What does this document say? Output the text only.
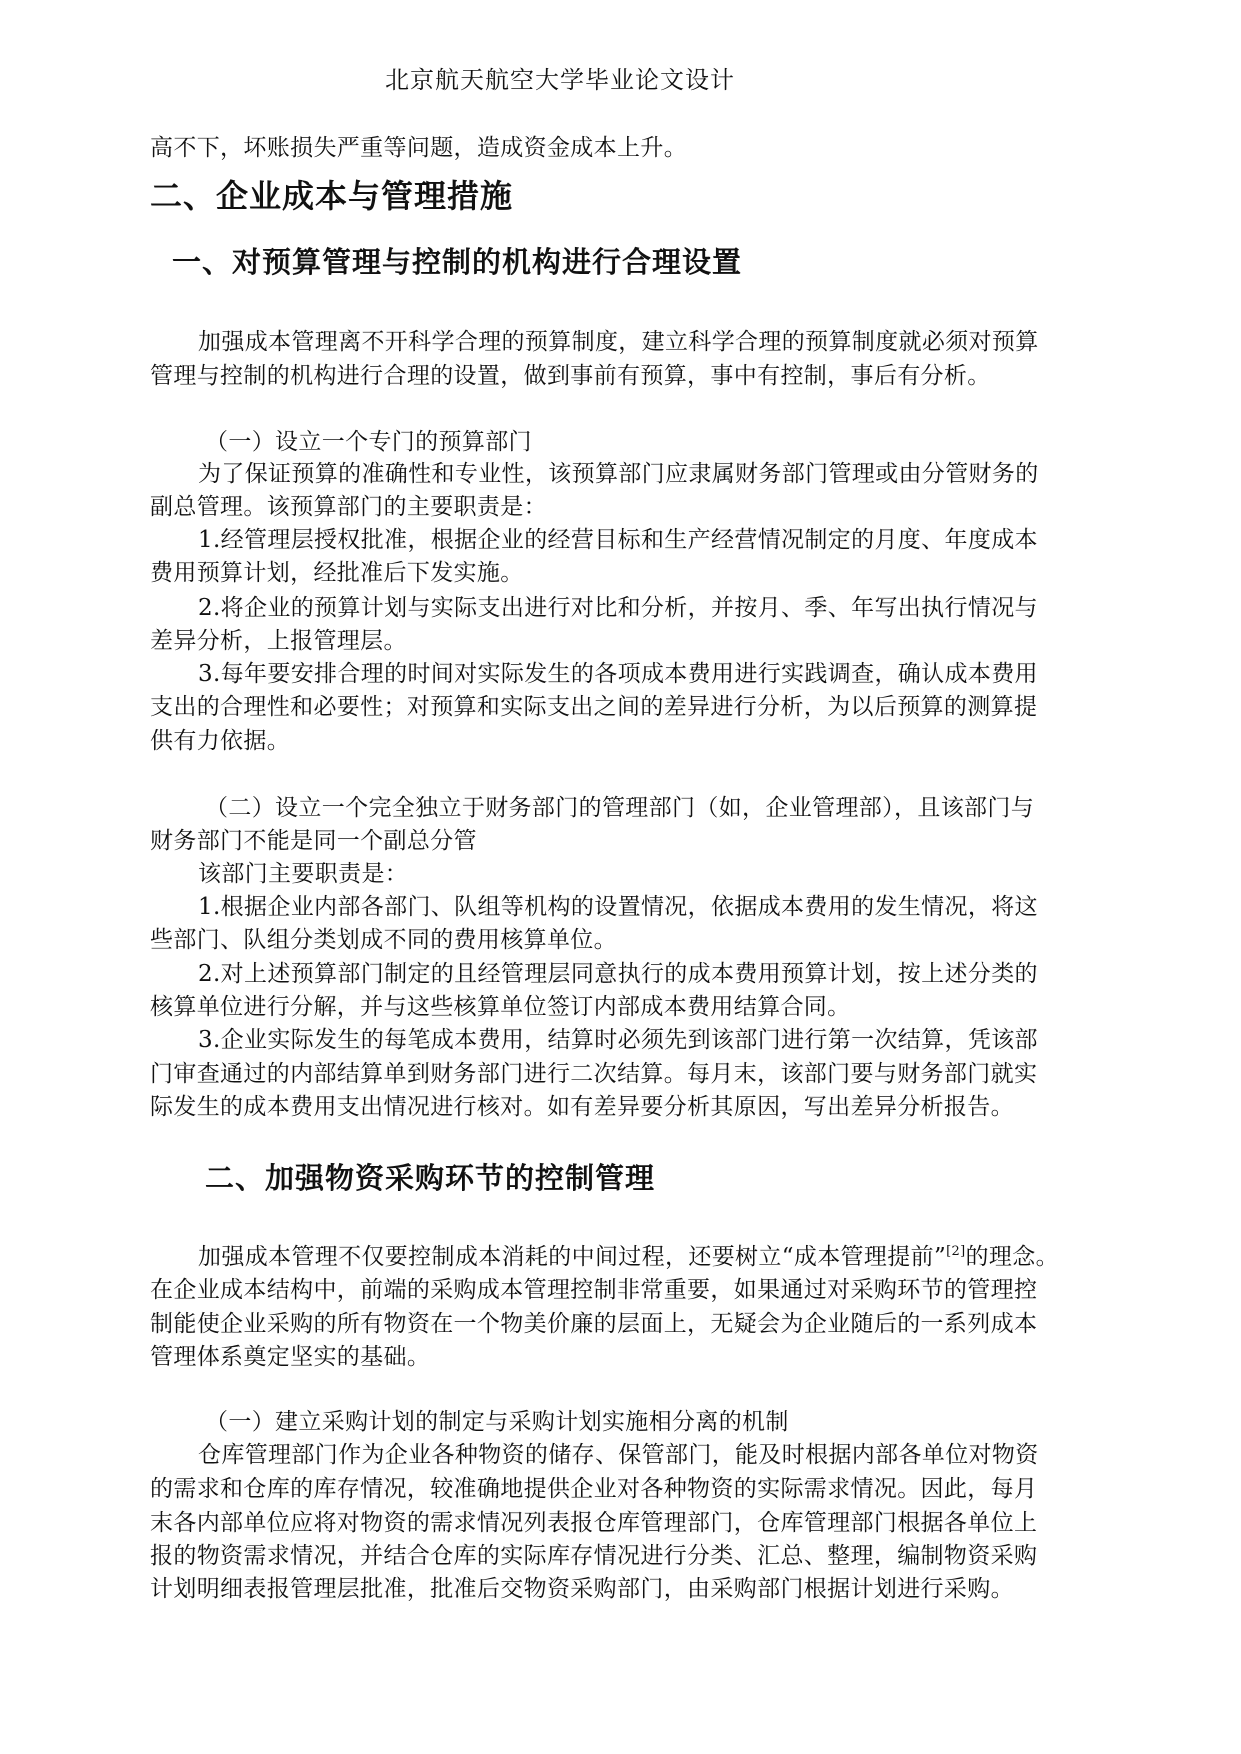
北京航天航空大学毕业论文设计

高不下，坏账损失严重等问题，造成资金成本上升。

二、企业成本与管理措施
一、对预算管理与控制的机构进行合理设置

加强成本管理离不开科学合理的预算制度，建立科学合理的预算制度就必须对预算

管理与控制的机构进行合理的设置，做到事前有预算，事中有控制，事后有分析。

（一）设立一个专门的预算部门

为了保证预算的准确性和专业性，该预算部门应隶属财务部门管理或由分管财务的

副总管理。该预算部门的主要职责是：

1.经管理层授权批准，根据企业的经营目标和生产经营情况制定的月度、年度成本

费用预算计划，经批准后下发实施。

2.将企业的预算计划与实际支出进行对比和分析，并按月、季、年写出执行情况与

差异分析，上报管理层。

3.每年要安排合理的时间对实际发生的各项成本费用进行实践调查，确认成本费用

支出的合理性和必要性；对预算和实际支出之间的差异进行分析，为以后预算的测算提

供有力依据。

（二）设立一个完全独立于财务部门的管理部门（如，企业管理部），且该部门与

财务部门不能是同一个副总分管

该部门主要职责是：

1.根据企业内部各部门、队组等机构的设置情况，依据成本费用的发生情况，将这

些部门、队组分类划成不同的费用核算单位。

2.对上述预算部门制定的且经管理层同意执行的成本费用预算计划，按上述分类的

核算单位进行分解，并与这些核算单位签订内部成本费用结算合同。

3.企业实际发生的每笔成本费用，结算时必须先到该部门进行第一次结算，凭该部

门审查通过的内部结算单到财务部门进行二次结算。每月末，该部门要与财务部门就实

际发生的成本费用支出情况进行核对。如有差异要分析其原因，写出差异分析报告。

二、加强物资采购环节的控制管理

加强成本管理不仅要控制成本消耗的中间过程，还要树立“成本管理提前”[2]的理念。

在企业成本结构中，前端的采购成本管理控制非常重要，如果通过对采购环节的管理控

制能使企业采购的所有物资在一个物美价廉的层面上，无疑会为企业随后的一系列成本

管理体系奠定坚实的基础。

（一）建立采购计划的制定与采购计划实施相分离的机制

仓库管理部门作为企业各种物资的储存、保管部门，能及时根据内部各单位对物资

的需求和仓库的库存情况，较准确地提供企业对各种物资的实际需求情况。因此，每月

末各内部单位应将对物资的需求情况列表报仓库管理部门，仓库管理部门根据各单位上

报的物资需求情况，并结合仓库的实际库存情况进行分类、汇总、整理，编制物资采购

计划明细表报管理层批准，批准后交物资采购部门，由采购部门根据计划进行采购。
